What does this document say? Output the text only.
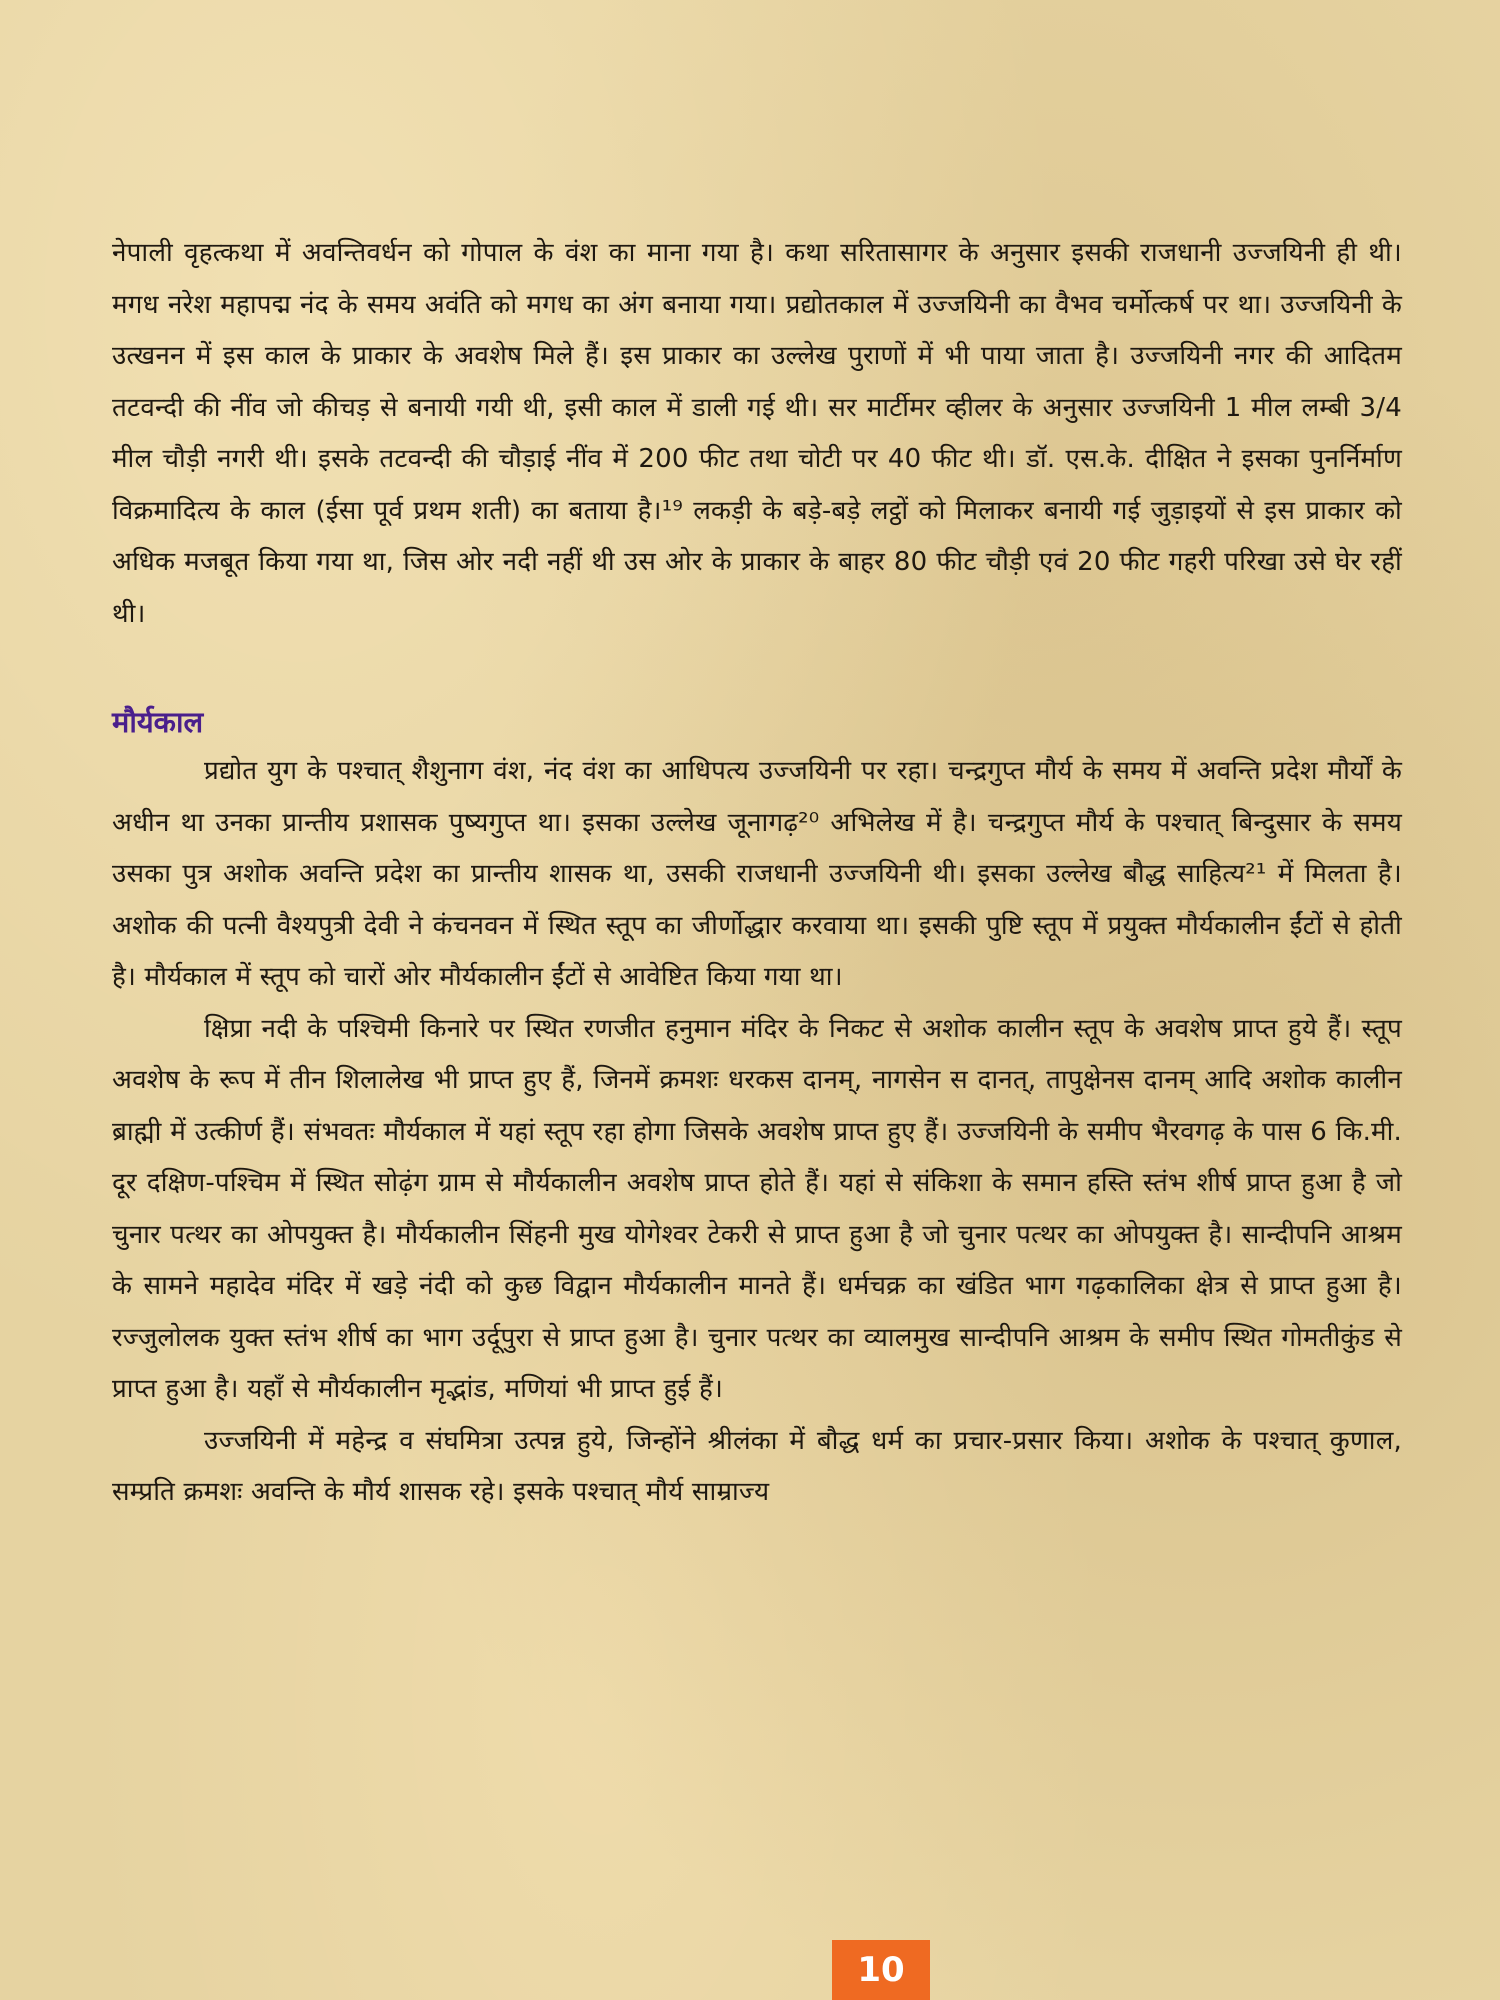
नेपाली वृहत्कथा में अवन्तिवर्धन को गोपाल के वंश का माना गया है। कथा सरितासागर के अनुसार इसकी राजधानी उज्जयिनी ही थी। मगध नरेश महापद्म नंद के समय अवंति को मगध का अंग बनाया गया। प्रद्योतकाल में उज्जयिनी का वैभव चर्मोत्कर्ष पर था। उज्जयिनी के उत्खनन में इस काल के प्राकार के अवशेष मिले हैं। इस प्राकार का उल्लेख पुराणों में भी पाया जाता है। उज्जयिनी नगर की आदितम तटवन्दी की नींव जो कीचड़ से बनायी गयी थी, इसी काल में डाली गई थी। सर मार्टीमर व्हीलर के अनुसार उज्जयिनी 1 मील लम्बी 3/4 मील चौड़ी नगरी थी। इसके तटवन्दी की चौड़ाई नींव में 200 फीट तथा चोटी पर 40 फीट थी। डॉ. एस.के. दीक्षित ने इसका पुनर्निर्माण विक्रमादित्य के काल (ईसा पूर्व प्रथम शती) का बताया है।¹⁹ लकड़ी के बड़े-बड़े लट्ठों को मिलाकर बनायी गई जुड़ाइयों से इस प्राकार को अधिक मजबूत किया गया था, जिस ओर नदी नहीं थी उस ओर के प्राकार के बाहर 80 फीट चौड़ी एवं 20 फीट गहरी परिखा उसे घेर रहीं थी।

मौर्यकाल

प्रद्योत युग के पश्चात् शैशुनाग वंश, नंद वंश का आधिपत्य उज्जयिनी पर रहा। चन्द्रगुप्त मौर्य के समय में अवन्ति प्रदेश मौर्यों के अधीन था उनका प्रान्तीय प्रशासक पुष्यगुप्त था। इसका उल्लेख जूनागढ़²⁰ अभिलेख में है। चन्द्रगुप्त मौर्य के पश्चात् बिन्दुसार के समय उसका पुत्र अशोक अवन्ति प्रदेश का प्रान्तीय शासक था, उसकी राजधानी उज्जयिनी थी। इसका उल्लेख बौद्ध साहित्य²¹ में मिलता है। अशोक की पत्नी वैश्यपुत्री देवी ने कंचनवन में स्थित स्तूप का जीर्णोद्धार करवाया था। इसकी पुष्टि स्तूप में प्रयुक्त मौर्यकालीन ईंटों से होती है। मौर्यकाल में स्तूप को चारों ओर मौर्यकालीन ईंटों से आवेष्टित किया गया था।

क्षिप्रा नदी के पश्चिमी किनारे पर स्थित रणजीत हनुमान मंदिर के निकट से अशोक कालीन स्तूप के अवशेष प्राप्त हुये हैं। स्तूप अवशेष के रूप में तीन शिलालेख भी प्राप्त हुए हैं, जिनमें क्रमशः धरकस दानम्, नागसेन स दानत्, तापुक्षेनस दानम् आदि अशोक कालीन ब्राह्मी में उत्कीर्ण हैं। संभवतः मौर्यकाल में यहां स्तूप रहा होगा जिसके अवशेष प्राप्त हुए हैं। उज्जयिनी के समीप भैरवगढ़ के पास 6 कि.मी. दूर दक्षिण-पश्चिम में स्थित सोढ़ंग ग्राम से मौर्यकालीन अवशेष प्राप्त होते हैं। यहां से संकिशा के समान हस्ति स्तंभ शीर्ष प्राप्त हुआ है जो चुनार पत्थर का ओपयुक्त है। मौर्यकालीन सिंहनी मुख योगेश्वर टेकरी से प्राप्त हुआ है जो चुनार पत्थर का ओपयुक्त है। सान्दीपनि आश्रम के सामने महादेव मंदिर में खड़े नंदी को कुछ विद्वान मौर्यकालीन मानते हैं। धर्मचक्र का खंडित भाग गढ़कालिका क्षेत्र से प्राप्त हुआ है। रज्जुलोलक युक्त स्तंभ शीर्ष का भाग उर्दूपुरा से प्राप्त हुआ है। चुनार पत्थर का व्यालमुख सान्दीपनि आश्रम के समीप स्थित गोमतीकुंड से प्राप्त हुआ है। यहाँ से मौर्यकालीन मृद्भांड, मणियां भी प्राप्त हुई हैं।

उज्जयिनी में महेन्द्र व संघमित्रा उत्पन्न हुये, जिन्होंने श्रीलंका में बौद्ध धर्म का प्रचार-प्रसार किया। अशोक के पश्चात् कुणाल, सम्प्रति क्रमशः अवन्ति के मौर्य शासक रहे। इसके पश्चात् मौर्य साम्राज्य

10
